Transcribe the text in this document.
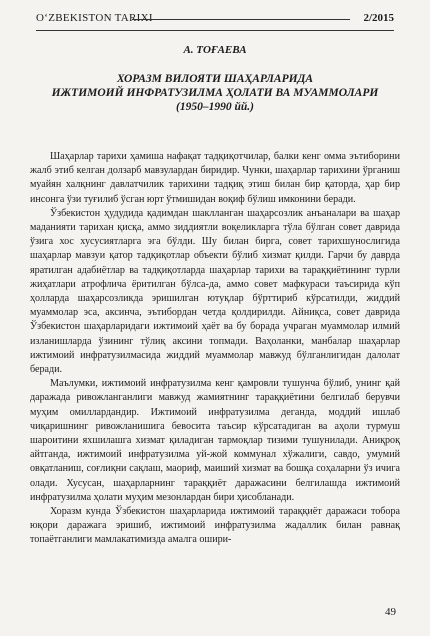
O‘ZBEKISTON TARIXI	2/2015
А. ТОҒАЕВА
ХОРАЗМ ВИЛОЯТИ ШАҲАРЛАРИДА
ИЖТИМОИЙ ИНФРАТУЗИЛМА ҲОЛАТИ ВА МУАММОЛАРИ
(1950–1990 йй.)

Шаҳарлар тарихи ҳамиша нафақат тадқиқотчилар, балки кенг омма эътиборини жалб этиб келган долзарб мавзулардан биридир. Чунки, шаҳарлар тарихини ўрганиш муайян халқнинг давлатчилик тарихини тадқиқ этиш билан бир қаторда, ҳар бир инсонга ўзи туғилиб ўсган юрт ўтмишидан воқиф бўлиш имконини беради.

Ўзбекистон ҳудудида қадимдан шаклланган шаҳарсозлик анъаналари ва шаҳар маданияти тарихан қисқа, аммо зиддиятли воқеликларга тўла бўлган совет даврида ўзига хос хусусиятларга эга бўлди. Шу билан бирга, совет тарихшунослигида шаҳарлар мавзуи қатор тадқиқотлар объекти бўлиб хизмат қилди. Гарчи бу даврда яратилган адабиётлар ва тадқиқотларда шаҳарлар тарихи ва тараққиётининг турли жиҳатлари атрофлича ёритилган бўлса-да, аммо совет мафкураси таъсирида кўп ҳолларда шаҳарсозликда эришилган ютуқлар бўрттириб кўрсатилди, жиддий муаммолар эса, аксинча, эътибордан четда қолдирилди. Айниқса, совет даврида Ўзбекистон шаҳарларидаги ижтимоий ҳаёт ва бу борада учраган муаммолар илмий изланишларда ўзининг тўлиқ аксини топмади. Ваҳоланки, манбалар шаҳарлар ижтимоий инфратузилмасида жиддий муаммолар мавжуд бўлганлигидан далолат беради.

Маълумки, ижтимоий инфратузилма кенг қамровли тушунча бўлиб, унинг қай даражада ривожланганлиги мавжуд жамиятнинг тараққиётини белгилаб берувчи муҳим омиллардандир. Ижтимоий инфратузилма деганда, моддий ишлаб чиқаришнинг ривожланишига бевосита таъсир кўрсатадиган ва аҳоли турмуш шароитини яхшилашга хизмат қиладиган тармоқлар тизими тушунилади. Аниқроқ айтганда, ижтимоий инфратузилма уй-жой коммунал хўжалиги, савдо, умумий овқатланиш, соғлиқни сақлаш, маориф, маиший хизмат ва бошқа соҳаларни ўз ичига олади. Хусусан, шаҳарларнинг тараққиёт даражасини белгилашда ижтимоий инфратузилма ҳолати муҳим мезонлардан бири ҳисобланади.

Хоразм кунда Ўзбекистон шаҳарларида ижтимоий тараққиёт даражаси тобора юқори даражага эришиб, ижтимоий инфратузилма жадаллик билан равнақ топаётганлиги мамлакатимизда амалга ошири-

49
